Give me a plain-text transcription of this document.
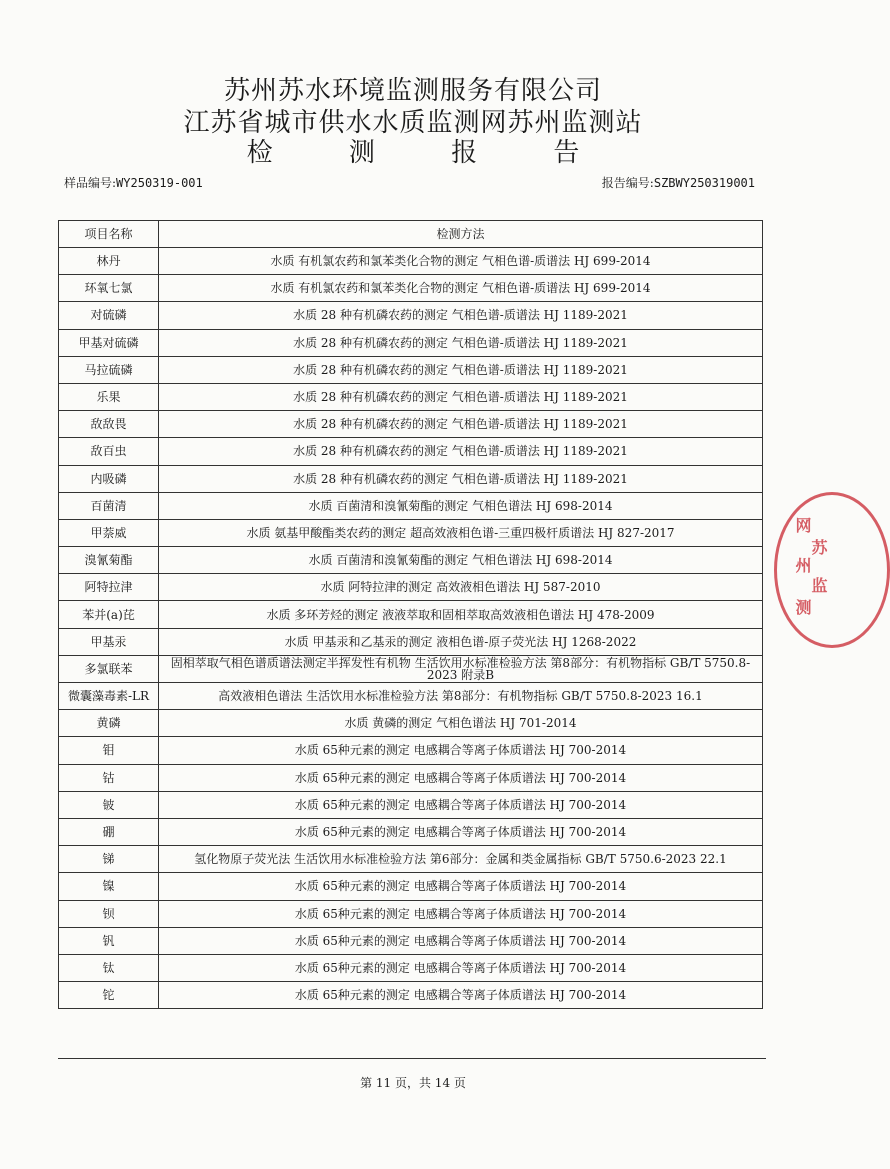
苏州苏水环境监测服务有限公司
江苏省城市供水水质监测网苏州监测站
检 测 报 告
样品编号:WY250319-001	报告编号:SZBWY250319001
项目名称	检测方法
林丹	水质 有机氯农药和氯苯类化合物的测定 气相色谱-质谱法 HJ 699-2014
环氧七氯	水质 有机氯农药和氯苯类化合物的测定 气相色谱-质谱法 HJ 699-2014
对硫磷	水质 28 种有机磷农药的测定 气相色谱-质谱法 HJ 1189-2021
甲基对硫磷	水质 28 种有机磷农药的测定 气相色谱-质谱法 HJ 1189-2021
马拉硫磷	水质 28 种有机磷农药的测定 气相色谱-质谱法 HJ 1189-2021
乐果	水质 28 种有机磷农药的测定 气相色谱-质谱法 HJ 1189-2021
敌敌畏	水质 28 种有机磷农药的测定 气相色谱-质谱法 HJ 1189-2021
敌百虫	水质 28 种有机磷农药的测定 气相色谱-质谱法 HJ 1189-2021
内吸磷	水质 28 种有机磷农药的测定 气相色谱-质谱法 HJ 1189-2021
百菌清	水质 百菌清和溴氰菊酯的测定 气相色谱法 HJ 698-2014
甲萘威	水质 氨基甲酸酯类农药的测定 超高效液相色谱-三重四极杆质谱法 HJ 827-2017
溴氰菊酯	水质 百菌清和溴氰菊酯的测定 气相色谱法 HJ 698-2014
阿特拉津	水质 阿特拉津的测定 高效液相色谱法 HJ 587-2010
苯并(a)芘	水质 多环芳烃的测定 液液萃取和固相萃取高效液相色谱法 HJ 478-2009
甲基汞	水质 甲基汞和乙基汞的测定 液相色谱-原子荧光法 HJ 1268-2022
多氯联苯	固相萃取气相色谱质谱法测定半挥发性有机物 生活饮用水标准检验方法 第8部分：有机物指标 GB/T 5750.8-2023 附录B
微囊藻毒素-LR	高效液相色谱法 生活饮用水标准检验方法 第8部分：有机物指标 GB/T 5750.8-2023 16.1
黄磷	水质 黄磷的测定 气相色谱法 HJ 701-2014
钼	水质 65种元素的测定 电感耦合等离子体质谱法 HJ 700-2014
钴	水质 65种元素的测定 电感耦合等离子体质谱法 HJ 700-2014
铍	水质 65种元素的测定 电感耦合等离子体质谱法 HJ 700-2014
硼	水质 65种元素的测定 电感耦合等离子体质谱法 HJ 700-2014
锑	氢化物原子荧光法 生活饮用水标准检验方法 第6部分：金属和类金属指标 GB/T 5750.6-2023 22.1
镍	水质 65种元素的测定 电感耦合等离子体质谱法 HJ 700-2014
钡	水质 65种元素的测定 电感耦合等离子体质谱法 HJ 700-2014
钒	水质 65种元素的测定 电感耦合等离子体质谱法 HJ 700-2014
钛	水质 65种元素的测定 电感耦合等离子体质谱法 HJ 700-2014
铊	水质 65种元素的测定 电感耦合等离子体质谱法 HJ 700-2014
第 11 页，共 14 页
网
苏
州
监
测
